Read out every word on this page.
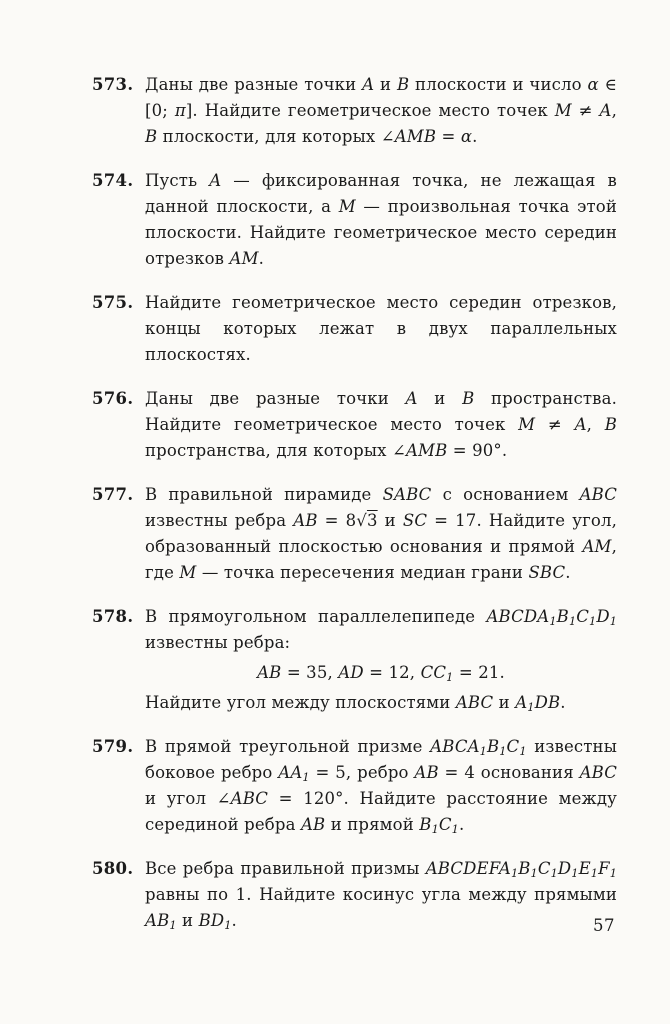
573. Даны две разные точки A и B плоскости и число α ∈ [0; π]. Найдите геометрическое место точек M ≠ A, B плоскости, для которых ∠AMB = α.

574. Пусть A — фиксированная точка, не лежащая в данной плоскости, а M — произвольная точка этой плоскости. Найдите геометрическое место середин отрезков AM.

575. Найдите геометрическое место середин отрезков, концы которых лежат в двух параллельных плоскостях.

576. Даны две разные точки A и B пространства. Найдите геометрическое место точек M ≠ A, B пространства, для которых ∠AMB = 90°.

577. В правильной пирамиде SABC с основанием ABC известны ребра AB = 8√3 и SC = 17. Найдите угол, образованный плоскостью основания и прямой AM, где M — точка пересечения медиан грани SBC.

578. В прямоугольном параллелепипеде $ABCDA_1B_1C_1D_1$ известны ребра:

AB = 35, AD = 12, $CC_1 = 21$.

Найдите угол между плоскостями ABC и $A_1DB$.

579. В прямой треугольной призме $ABCA_1B_1C_1$ известны боковое ребро $AA_1 = 5$, ребро AB = 4 основания ABC и угол ∠ABC = 120°. Найдите расстояние между серединой ребра AB и прямой $B_1C_1$.

580. Все ребра правильной призмы $ABCDEFA_1B_1C_1D_1E_1F_1$ равны по 1. Найдите косинус угла между прямыми $AB_1$ и $BD_1$.	57
